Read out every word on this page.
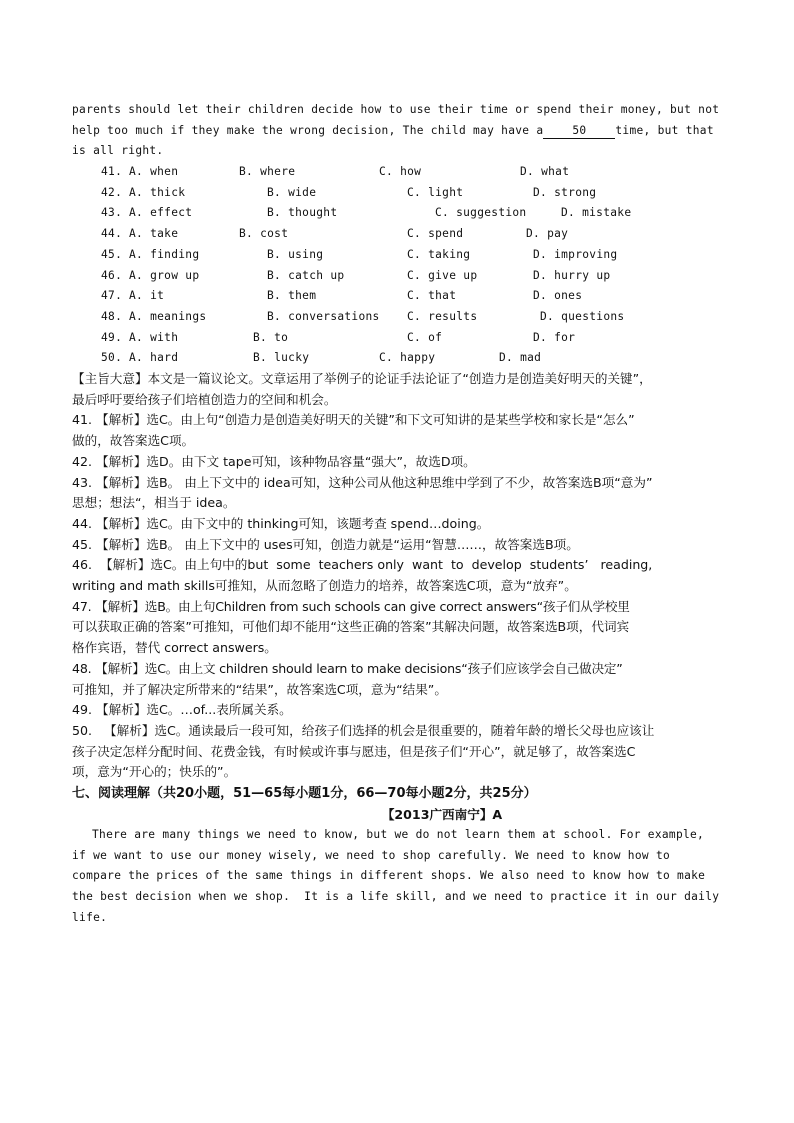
parents should let their children decide how to use their time or spend their money, but not

help too much if they make the wrong decision, The child may have a	50	time, but that

is all right.

41. A. when	B. where	C. how	D. what
42. A. thick	B. wide	C. light	D. strong
43. A. effect	B. thought	C. suggestion	D. mistake
44. A. take	B. cost	C. spend	D. pay
45. A. finding	B. using	C. taking	D. improving
46. A. grow up	B. catch up	C. give up	D. hurry up
47. A. it	B. them	C. that	D. ones
48. A. meanings	B. conversations C. results	D. questions
49. A. with	B. to	C. of	D. for
50. A. hard	B. lucky	C. happy	D. mad

【主旨大意】本文是一篇议论文。文章运用了举例子的论证手法论证了“创造力是创造美好明天的关键”，

最后呼吁要给孩子们培植创造力的空间和机会。

41. 【解析】选C。由上句“创造力是创造美好明天的关键”和下文可知讲的是某些学校和家长是“怎么”

做的，故答案选C项。

42. 【解析】选D。由下文 tape可知，该种物品容量“强大”，故选D项。

43. 【解析】选B。 由上下文中的 idea可知，这种公司从他这种思维中学到了不少，故答案选B项“意为”

思想；想法“，相当于 idea。

44. 【解析】选C。由下文中的 thinking可知，该题考查 spend…doing。

45. 【解析】选B。 由上下文中的 uses可知，创造力就是“运用“智慧……，故答案选B项。

46.  【解析】选C。由上句中的but  some  teachers only  want  to  develop  students’   reading,

writing and math skills可推知，从而忽略了创造力的培养，故答案选C项，意为“放弃”。

47. 【解析】选B。由上句Children from such schools can give correct answers“孩子们从学校里

可以获取正确的答案”可推知，可他们却不能用“这些正确的答案”其解决问题，故答案选B项，代词宾

格作宾语，替代 correct answers。

48. 【解析】选C。由上文 children should learn to make decisions“孩子们应该学会自己做决定”

可推知，并了解决定所带来的“结果”，故答案选C项，意为“结果”。

49. 【解析】选C。…of...表所属关系。

50.   【解析】选C。通读最后一段可知，给孩子们选择的机会是很重要的，随着年龄的增长父母也应该让

孩子决定怎样分配时间、花费金钱，有时候或许事与愿违，但是孩子们“开心”，就足够了，故答案选C

项，意为“开心的；快乐的”。

七、阅读理解（共20小题，51—65每小题1分，66—70每小题2分，共25分）
【2013广西南宁】A

There are many things we need to know, but we do not learn them at school. For example,

if we want to use our money wisely, we need to shop carefully. We need to know how to

compare the prices of the same things in different shops. We also need to know how to make

the best decision when we shop.  It is a life skill, and we need to practice it in our daily

life.
